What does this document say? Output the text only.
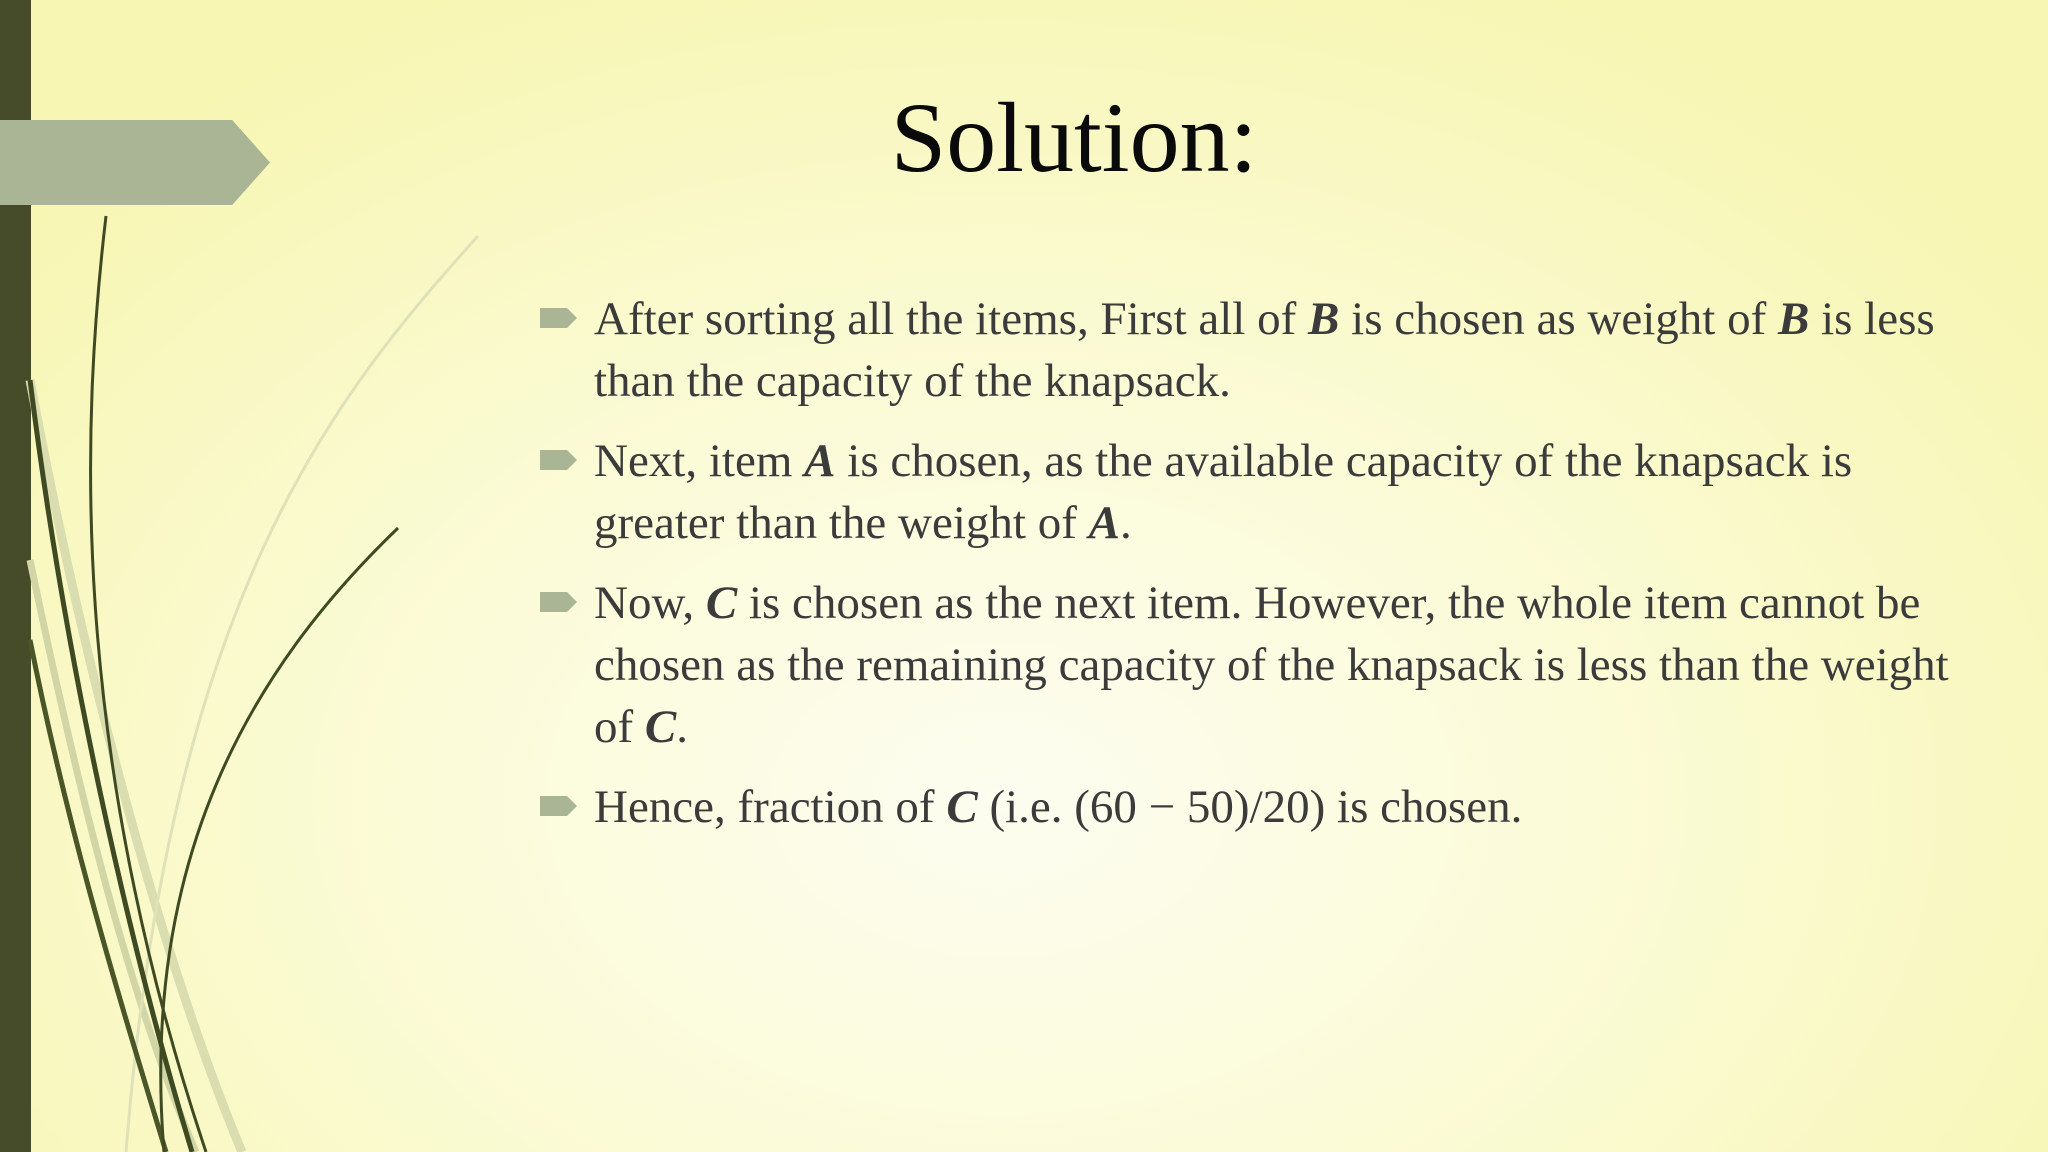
Solution:
After sorting all the items, First all of B is chosen as weight of B is less than the capacity of the knapsack.
Next, item A is chosen, as the available capacity of the knapsack is greater than the weight of A.
Now, C is chosen as the next item. However, the whole item cannot be chosen as the remaining capacity of the knapsack is less than the weight of C.
Hence, fraction of C (i.e. (60 − 50)/20) is chosen.
